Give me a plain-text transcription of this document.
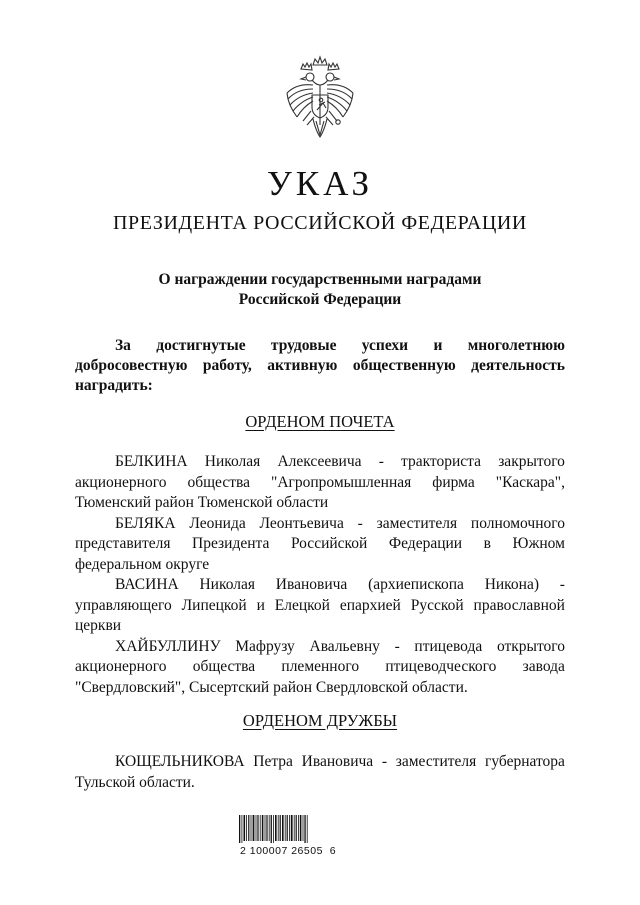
УКАЗ
ПРЕЗИДЕНТА РОССИЙСКОЙ ФЕДЕРАЦИИ
О награждении государственными наградами
Российской Федерации
За достигнутые трудовые успехи и многолетнюю
добросовестную работу, активную общественную деятельность
наградить:
ОРДЕНОМ ПОЧЕТА
БЕЛКИНА Николая Алексеевича - тракториста закрытого
акционерного общества "Агропромышленная фирма "Каскара",
Тюменский район Тюменской области
БЕЛЯКА Леонида Леонтьевича - заместителя полномочного
представителя Президента Российской Федерации в Южном
федеральном округе
ВАСИНА Николая Ивановича (архиепископа Никона) -
управляющего Липецкой и Елецкой епархией Русской православной
церкви
ХАЙБУЛЛИНУ Мафрузу Авальевну - птицевода открытого
акционерного общества племенного птицеводческого завода
"Свердловский", Сысертский район Свердловской области.
ОРДЕНОМ ДРУЖБЫ
КОЩЕЛЬНИКОВА Петра Ивановича - заместителя губернатора
Тульской области.
2 100007 26505  6
